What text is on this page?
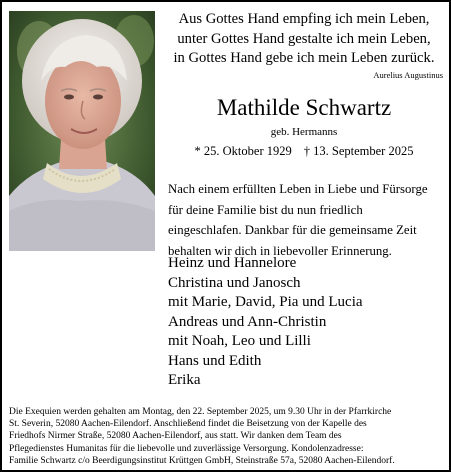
Aus Gottes Hand empfing ich mein Leben,
unter Gottes Hand gestalte ich mein Leben,
in Gottes Hand gebe ich mein Leben zurück.
Aurelius Augustinus
Mathilde Schwartz
geb. Hermanns
* 25. Oktober 1929 † 13. September 2025
Nach einem erfüllten Leben in Liebe und Fürsorge
für deine Familie bist du nun friedlich
eingeschlafen. Dankbar für die gemeinsame Zeit
behalten wir dich in liebevoller Erinnerung.
Heinz und Hannelore
Christina und Janosch
mit Marie, David, Pia und Lucia
Andreas und Ann-Christin
mit Noah, Leo und Lilli
Hans und Edith
Erika
Die Exequien werden gehalten am Montag, den 22. September 2025, um 9.30 Uhr in der Pfarrkirche
St. Severin, 52080 Aachen-Eilendorf. Anschließend findet die Beisetzung von der Kapelle des
Friedhofs Nirmer Straße, 52080 Aachen-Eilendorf, aus statt. Wir danken dem Team des
Pflegedienstes Humanitas für die liebevolle und zuverlässige Versorgung. Kondolenzadresse:
Familie Schwartz c/o Beerdigungsinstitut Krüttgen GmbH, Steinstraße 57a, 52080 Aachen-Eilendorf.
